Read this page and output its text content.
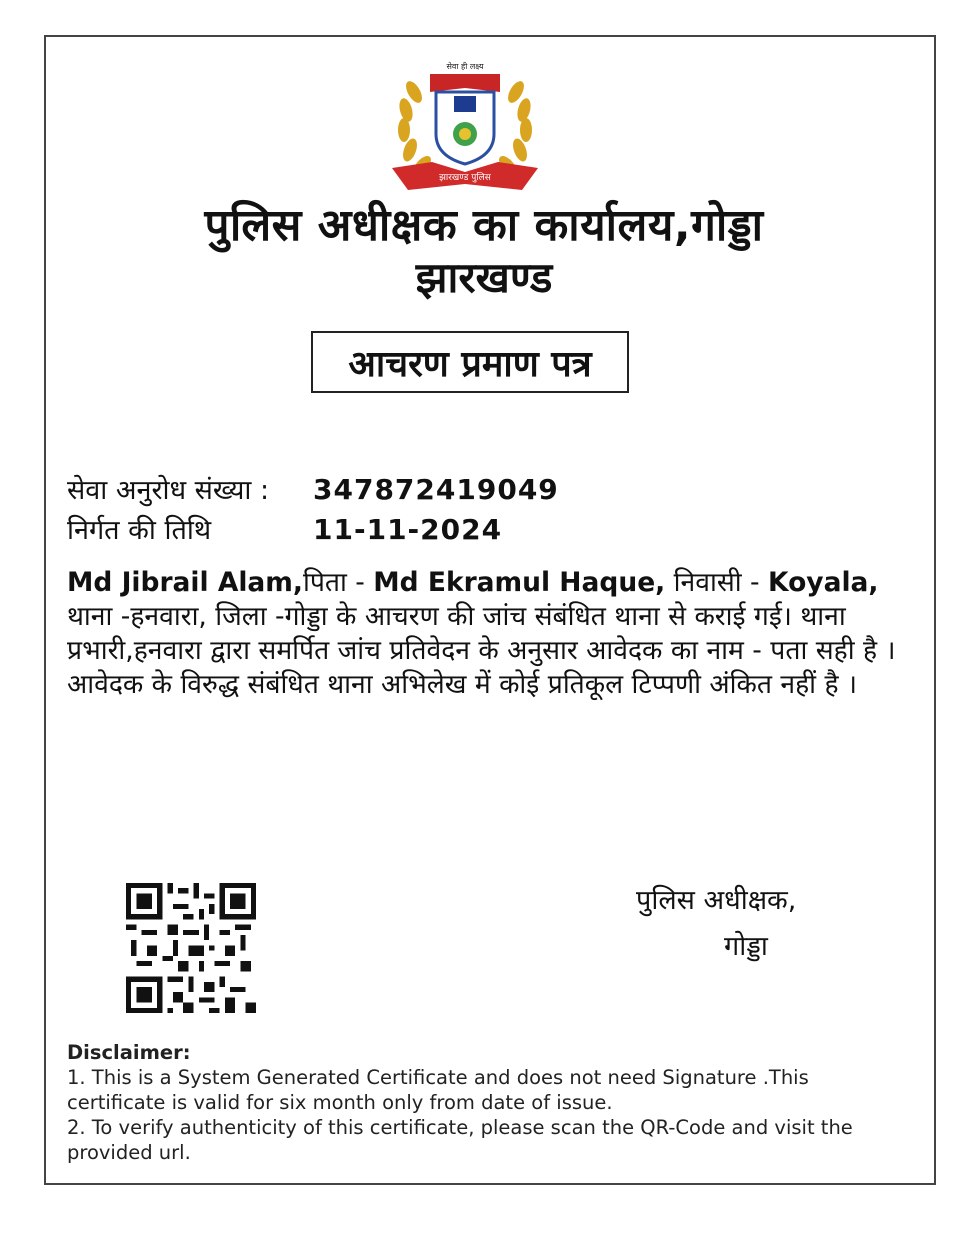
सेवा ही लक्ष्य
झारखण्ड पुलिस
पुलिस अधीक्षक का कार्यालय,गोड्डा
झारखण्ड
आचरण प्रमाण पत्र
सेवा अनुरोध संख्या : 347872419049
निर्गत की तिथि	11-11-2024
Md Jibrail Alam,पिता - Md Ekramul Haque, निवासी - Koyala, थाना -हनवारा, जिला -गोड्डा के आचरण की जांच संबंधित थाना से कराई गई। थाना प्रभारी,हनवारा द्वारा समर्पित जांच प्रतिवेदन के अनुसार आवेदक का नाम - पता सही है । आवेदक के विरुद्ध संबंधित थाना अभिलेख में कोई प्रतिकूल टिप्पणी अंकित नहीं है ।
पुलिस अधीक्षक,
गोड्डा
Disclaimer:
1. This is a System Generated Certificate and does not need Signature .This certificate is valid for six month only from date of issue.
2. To verify authenticity of this certificate, please scan the QR-Code and visit the provided url.
